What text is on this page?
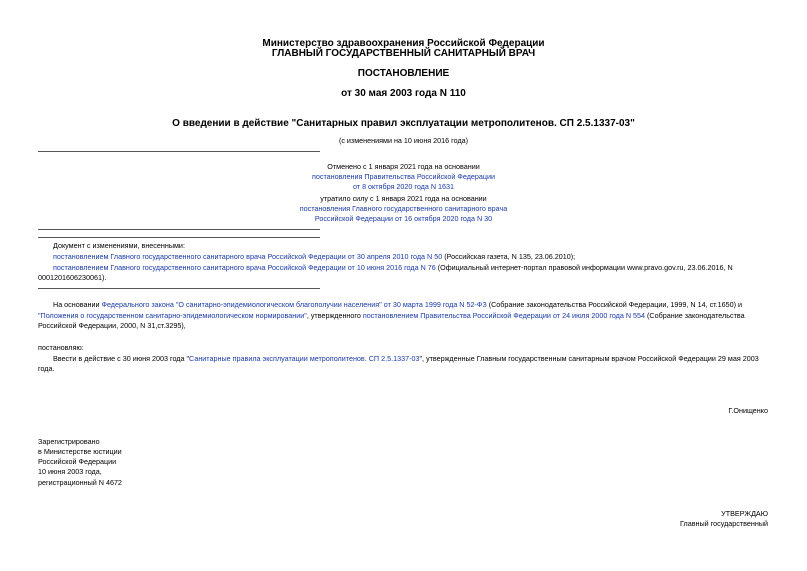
Министерство здравоохранения Российской Федерации
ГЛАВНЫЙ ГОСУДАРСТВЕННЫЙ САНИТАРНЫЙ ВРАЧ
ПОСТАНОВЛЕНИЕ
от 30 мая 2003 года N 110
О введении в действие "Санитарных правил эксплуатации метрополитенов. СП 2.5.1337-03"
(с изменениями на 10 июня 2016 года)
Отменено с 1 января 2021 года на основании
постановления Правительства Российской Федерации
от 8 октября 2020 года N 1631
утратило силу с 1 января 2021 года на основании
постановления Главного государственного санитарного врача
Российской Федерации от 16 октября 2020 года N 30
Документ с изменениями, внесенными:
постановлением Главного государственного санитарного врача Российской Федерации от 30 апреля 2010 года N 50 (Российская газета, N 135, 23.06.2010);
постановлением Главного государственного санитарного врача Российской Федерации от 10 июня 2016 года N 76 (Официальный интернет-портал правовой информации www.pravo.gov.ru, 23.06.2016, N
0001201606230061).
На основании Федерального закона "О санитарно-эпидемиологическом благополучии населения" от 30 марта 1999 года N 52-ФЗ (Собрание законодательства Российской Федерации, 1999, N 14, ст.1650) и
"Положения о государственном санитарно-эпидемиологическом нормировании", утвержденного постановлением Правительства Российской Федерации от 24 июля 2000 года N 554 (Собрание законодательства
Российской Федерации, 2000, N 31,ст.3295),
постановляю:
Ввести в действие с 30 июня 2003 года "Санитарные правила эксплуатации метрополитенов. СП 2.5.1337-03", утвержденные Главным государственным санитарным врачом Российской Федерации 29 мая 2003
года.
Г.Онищенко
Зарегистрировано
в Министерстве юстиции
Российской Федерации
10 июня 2003 года,
регистрационный N 4672
УТВЕРЖДАЮ
Главный государственный
